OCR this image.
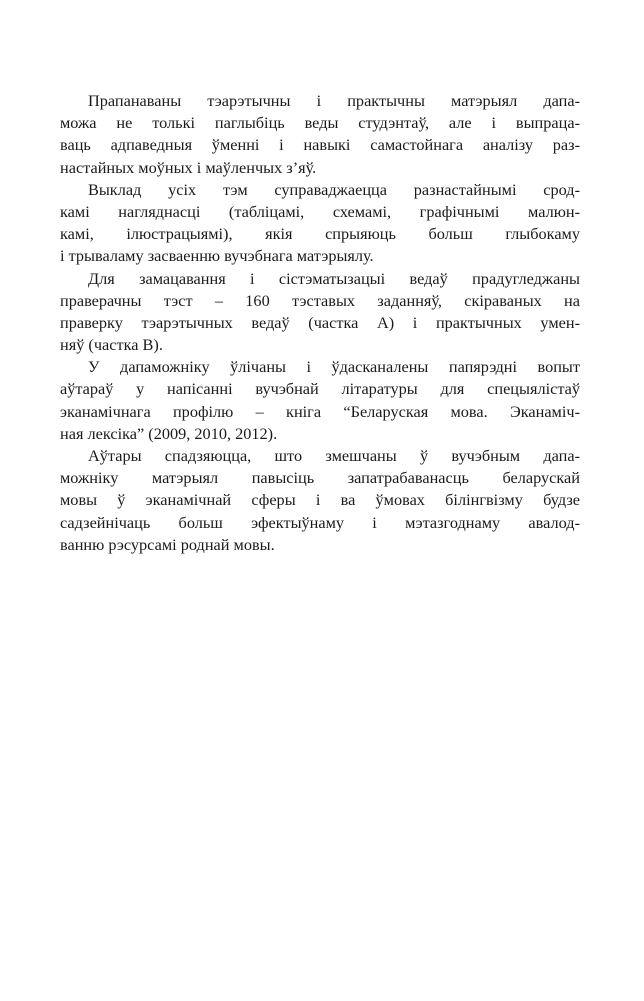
Прапанаваны тэарэтычны і практычны матэрыял дапа-
можа не толькі паглыбіць веды студэнтаў, але і выпраца-
ваць адпаведныя ўменні і навыкі самастойнага аналізу раз-
настайных моўных і маўленчых з’яў.
Выклад усіх тэм суправаджаецца разнастайнымі срод-
камі нагляднасці (табліцамі, схемамі, графічнымі малюн-
камі, ілюстрацыямі), якія спрыяюць больш глыбокаму
і трываламу засваенню вучэбнага матэрыялу.
Для замацавання і сістэматызацыі ведаў прадугледжаны
праверачны тэст – 160 тэставых заданняў, скіраваных на
праверку тэарэтычных ведаў (частка А) і практычных умен-
няў (частка В).
У дапаможніку ўлічаны і ўдасканалены папярэдні вопыт
аўтараў у напісанні вучэбнай літаратуры для спецыялістаў
эканамічнага профілю – кніга “Беларуская мова. Эканаміч-
ная лексіка” (2009, 2010, 2012).
Аўтары спадзяюцца, што змешчаны ў вучэбным дапа-
можніку матэрыял павысіць запатрабаванасць беларускай
мовы ў эканамічнай сферы і ва ўмовах білінгвізму будзе
садзейнічаць больш эфектыўнаму і мэтазгоднаму авалод-
ванню рэсурсамі роднай мовы.
